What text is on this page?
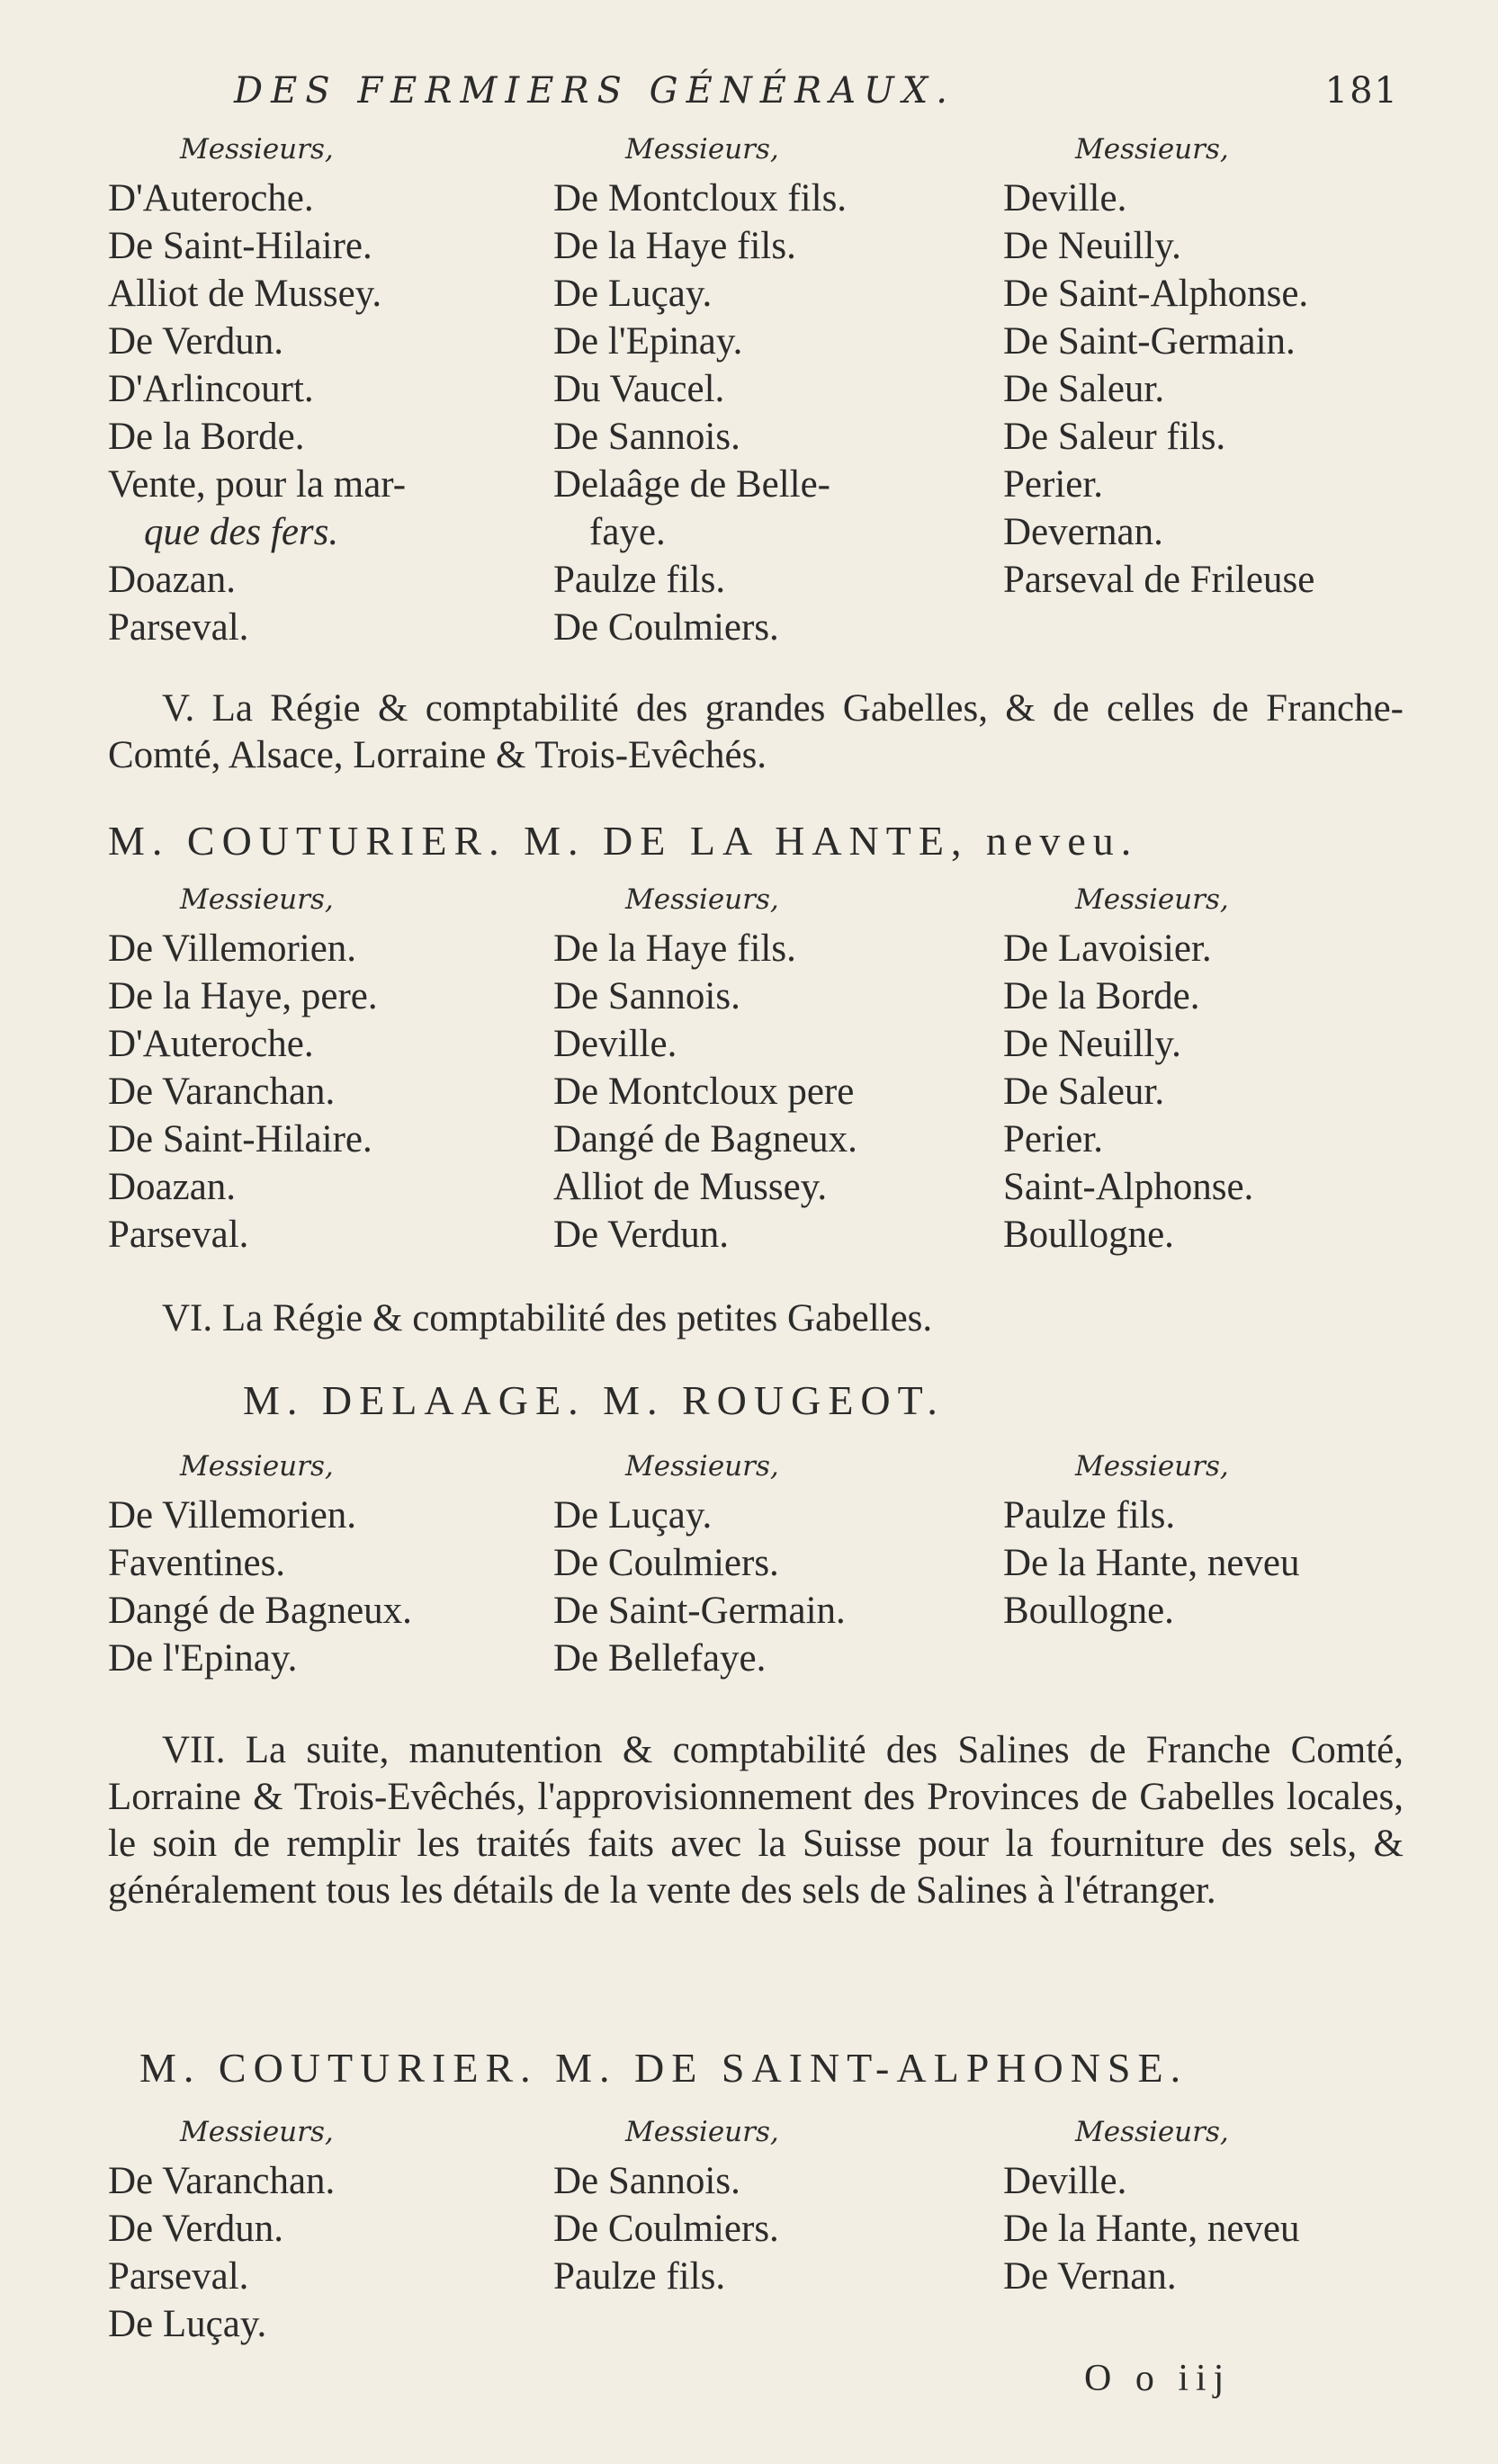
DES FERMIERS GÉNÉRAUX.	181
Messieurs,
D'Auteroche.
De Saint-Hilaire.
Alliot de Mussey.
De Verdun.
D'Arlincourt.
De la Borde.
Vente, pour la mar-
que des fers.
Doazan.
Parseval.
Messieurs,
De Montcloux fils.
De la Haye fils.
De Luçay.
De l'Epinay.
Du Vaucel.
De Sannois.
Delaâge de Belle-
faye.
Paulze fils.
De Coulmiers.
Messieurs,
Deville.
De Neuilly.
De Saint-Alphonse.
De Saint-Germain.
De Saleur.
De Saleur fils.
Perier.
Devernan.
Parseval de Frileuse
V. La Régie & comptabilité des grandes Gabelles, & de celles de Franche-Comté, Alsace, Lorraine & Trois-Evêchés.
M. COUTURIER. M. DE LA HANTE, neveu.
Messieurs,
De Villemorien.
De la Haye, pere.
D'Auteroche.
De Varanchan.
De Saint-Hilaire.
Doazan.
Parseval.
Messieurs,
De la Haye fils.
De Sannois.
Deville.
De Montcloux pere
Dangé de Bagneux.
Alliot de Mussey.
De Verdun.
Messieurs,
De Lavoisier.
De la Borde.
De Neuilly.
De Saleur.
Perier.
Saint-Alphonse.
Boullogne.
VI. La Régie & comptabilité des petites Gabelles.
M. DELAAGE. M. ROUGEOT.
Messieurs,
De Villemorien.
Faventines.
Dangé de Bagneux.
De l'Epinay.
Messieurs,
De Luçay.
De Coulmiers.
De Saint-Germain.
De Bellefaye.
Messieurs,
Paulze fils.
De la Hante, neveu
Boullogne.
VII. La suite, manutention & comptabilité des Salines de Franche Comté, Lorraine & Trois-Evêchés, l'approvisionnement des Provinces de Gabelles locales, le soin de remplir les traités faits avec la Suisse pour la fourniture des sels, & généralement tous les détails de la vente des sels de Salines à l'étranger.
M. COUTURIER. M. DE SAINT-ALPHONSE.
Messieurs,
De Varanchan.
De Verdun.
Parseval.
De Luçay.
Messieurs,
De Sannois.
De Coulmiers.
Paulze fils.
Messieurs,
Deville.
De la Hante, neveu
De Vernan.
O o iij
